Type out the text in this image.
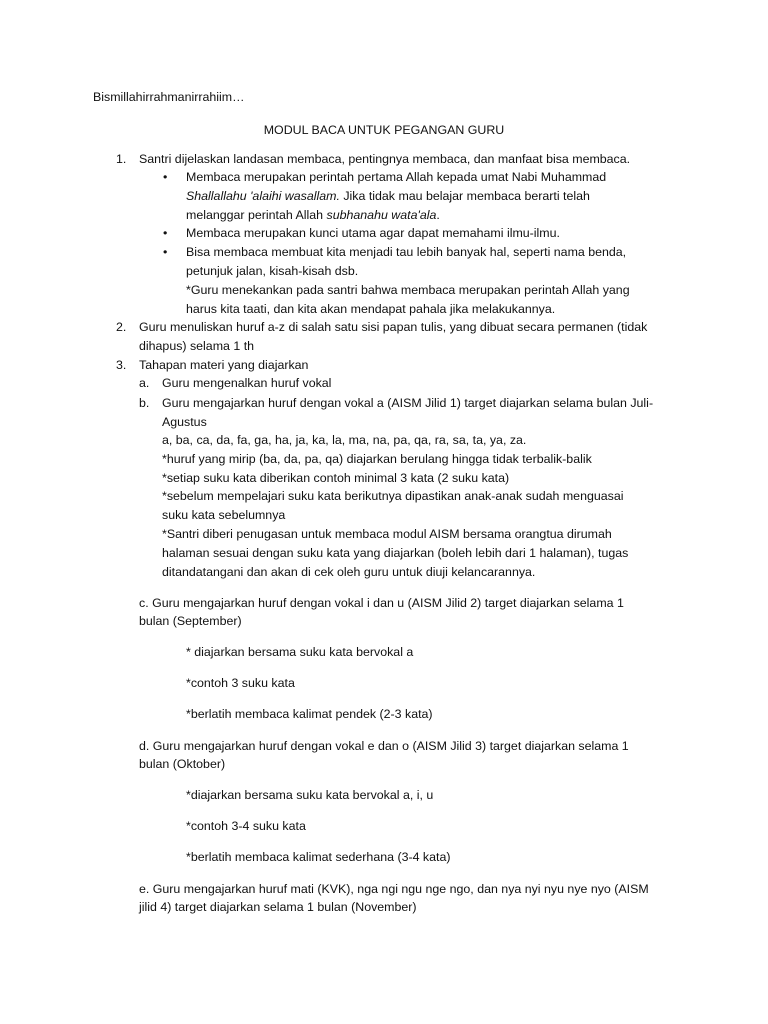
Bismillahirrahmanirrahiim…
MODUL BACA UNTUK PEGANGAN GURU
1. Santri dijelaskan landasan membaca, pentingnya membaca, dan manfaat bisa membaca.
• Membaca merupakan perintah pertama Allah kepada umat Nabi Muhammad
Shallallahu 'alaihi wasallam. Jika tidak mau belajar membaca berarti telah
melanggar perintah Allah subhanahu wata'ala.
• Membaca merupakan kunci utama agar dapat memahami ilmu-ilmu.
• Bisa membaca membuat kita menjadi tau lebih banyak hal, seperti nama benda,
petunjuk jalan, kisah-kisah dsb.
*Guru menekankan pada santri bahwa membaca merupakan perintah Allah yang
harus kita taati, dan kita akan mendapat pahala jika melakukannya.
2. Guru menuliskan huruf a-z di salah satu sisi papan tulis, yang dibuat secara permanen (tidak
dihapus) selama 1 th
3. Tahapan materi yang diajarkan
a. Guru mengenalkan huruf vokal
b. Guru mengajarkan huruf dengan vokal a (AISM Jilid 1) target diajarkan selama bulan Juli-
Agustus
a, ba, ca, da, fa, ga, ha, ja, ka, la, ma, na, pa, qa, ra, sa, ta, ya, za.
*huruf yang mirip (ba, da, pa, qa) diajarkan berulang hingga tidak terbalik-balik
*setiap suku kata diberikan contoh minimal 3 kata (2 suku kata)
*sebelum mempelajari suku kata berikutnya dipastikan anak-anak sudah menguasai
suku kata sebelumnya
*Santri diberi penugasan untuk membaca modul AISM bersama orangtua dirumah
halaman sesuai dengan suku kata yang diajarkan (boleh lebih dari 1 halaman), tugas
ditandatangani dan akan di cek oleh guru untuk diuji kelancarannya.
c. Guru mengajarkan huruf dengan vokal i dan u (AISM Jilid 2) target diajarkan selama 1
bulan (September)
* diajarkan bersama suku kata bervokal a
*contoh 3 suku kata
*berlatih membaca kalimat pendek (2-3 kata)
d. Guru mengajarkan huruf dengan vokal e dan o (AISM Jilid 3) target diajarkan selama 1
bulan (Oktober)
*diajarkan bersama suku kata bervokal a, i, u
*contoh 3-4 suku kata
*berlatih membaca kalimat sederhana (3-4 kata)
e. Guru mengajarkan huruf mati (KVK), nga ngi ngu nge ngo, dan nya nyi nyu nye nyo (AISM
jilid 4) target diajarkan selama 1 bulan (November)
